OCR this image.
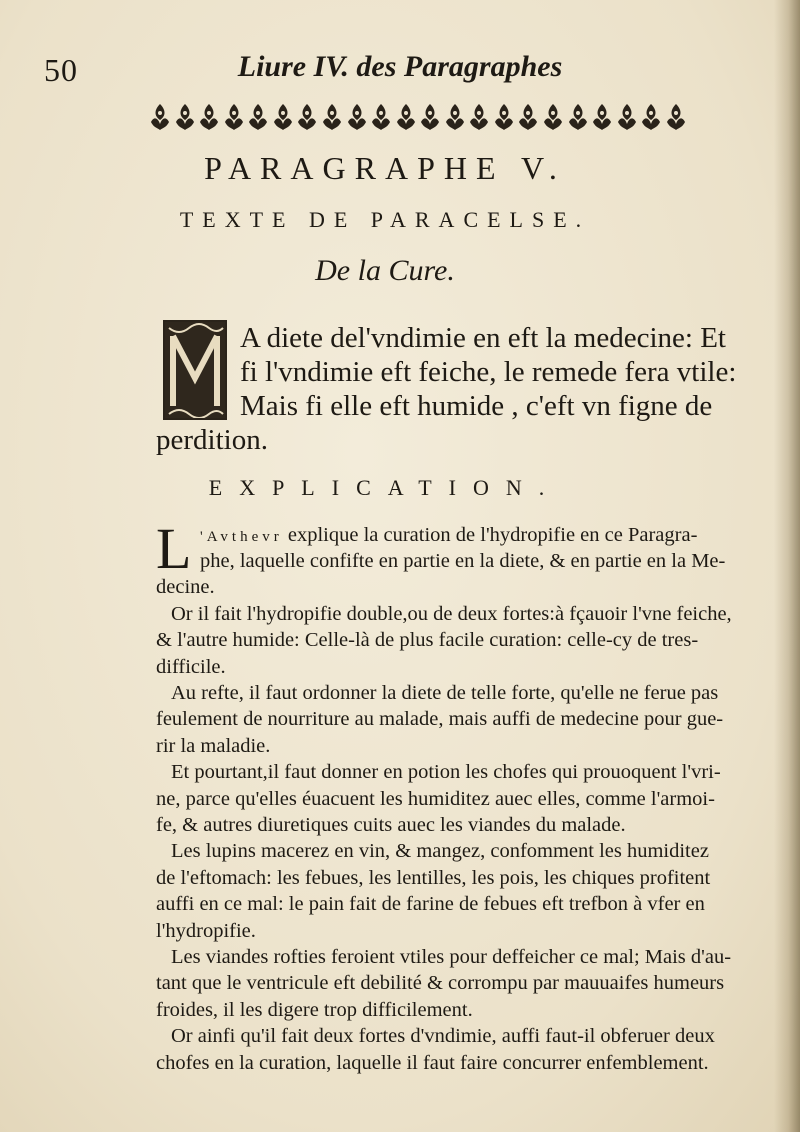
50	Liure IV. des Paragraphes
PARAGRAPHE V.
TEXTE DE PARACELSE.
De la Cure.
A diete del'vndimie en eft la medecine: Et
fi l'vndimie eft feiche, le remede fera vtile:
Mais fi elle eft humide , c'eft vn figne de
perdition.
EXPLICATION.
L 'Avthevr explique la curation de l'hydropifie en ce Paragra-
phe, laquelle confifte en partie en la diete, & en partie en la Me-
decine.
Or il fait l'hydropifie double,ou de deux fortes:à fçauoir l'vne feiche,
& l'autre humide: Celle-là de plus facile curation: celle-cy de tres-
difficile.
Au refte, il faut ordonner la diete de telle forte, qu'elle ne ferue pas
feulement de nourriture au malade, mais auffi de medecine pour gue-
rir la maladie.
Et pourtant,il faut donner en potion les chofes qui prouoquent l'vri-
ne, parce qu'elles éuacuent les humiditez auec elles, comme l'armoi-
fe, & autres diuretiques cuits auec les viandes du malade.
Les lupins macerez en vin, & mangez, confomment les humiditez
de l'eftomach: les febues, les lentilles, les pois, les chiques profitent
auffi en ce mal: le pain fait de farine de febues eft trefbon à vfer en
l'hydropifie.
Les viandes rofties feroient vtiles pour deffeicher ce mal; Mais d'au-
tant que le ventricule eft debilité & corrompu par mauuaifes humeurs
froides, il les digere trop difficilement.
Or ainfi qu'il fait deux fortes d'vndimie, auffi faut-il obferuer deux
chofes en la curation, laquelle il faut faire concurrer enfemblement.
